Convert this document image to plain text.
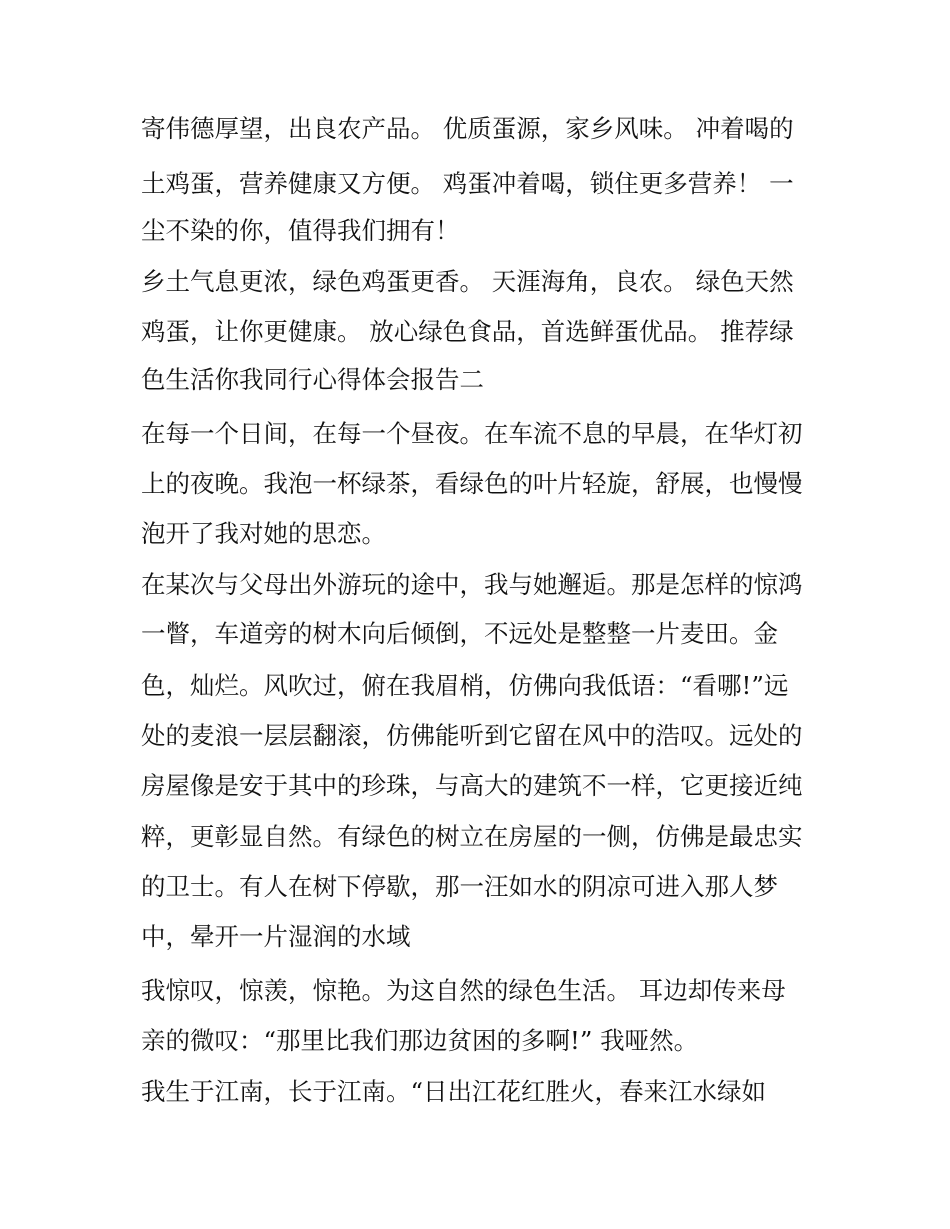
寄伟德厚望，出良农产品。 优质蛋源，家乡风味。 冲着喝的
土鸡蛋，营养健康又方便。 鸡蛋冲着喝，锁住更多营养！ 一
尘不染的你，值得我们拥有！
乡土气息更浓，绿色鸡蛋更香。 天涯海角，良农。 绿色天然
鸡蛋，让你更健康。 放心绿色食品，首选鲜蛋优品。 推荐绿
色生活你我同行心得体会报告二
在每一个日间，在每一个昼夜。在车流不息的早晨，在华灯初
上的夜晚。我泡一杯绿茶，看绿色的叶片轻旋，舒展，也慢慢
泡开了我对她的思恋。
在某次与父母出外游玩的途中，我与她邂逅。那是怎样的惊鸿
一瞥，车道旁的树木向后倾倒，不远处是整整一片麦田。金
色，灿烂。风吹过，俯在我眉梢，仿佛向我低语：“看哪!”远
处的麦浪一层层翻滚，仿佛能听到它留在风中的浩叹。远处的
房屋像是安于其中的珍珠，与高大的建筑不一样，它更接近纯
粹，更彰显自然。有绿色的树立在房屋的一侧，仿佛是最忠实
的卫士。有人在树下停歇，那一汪如水的阴凉可进入那人梦
中，晕开一片湿润的水域
我惊叹，惊羡，惊艳。为这自然的绿色生活。 耳边却传来母
亲的微叹：“那里比我们那边贫困的多啊!” 我哑然。
我生于江南，长于江南。“日出江花红胜火，春来江水绿如
